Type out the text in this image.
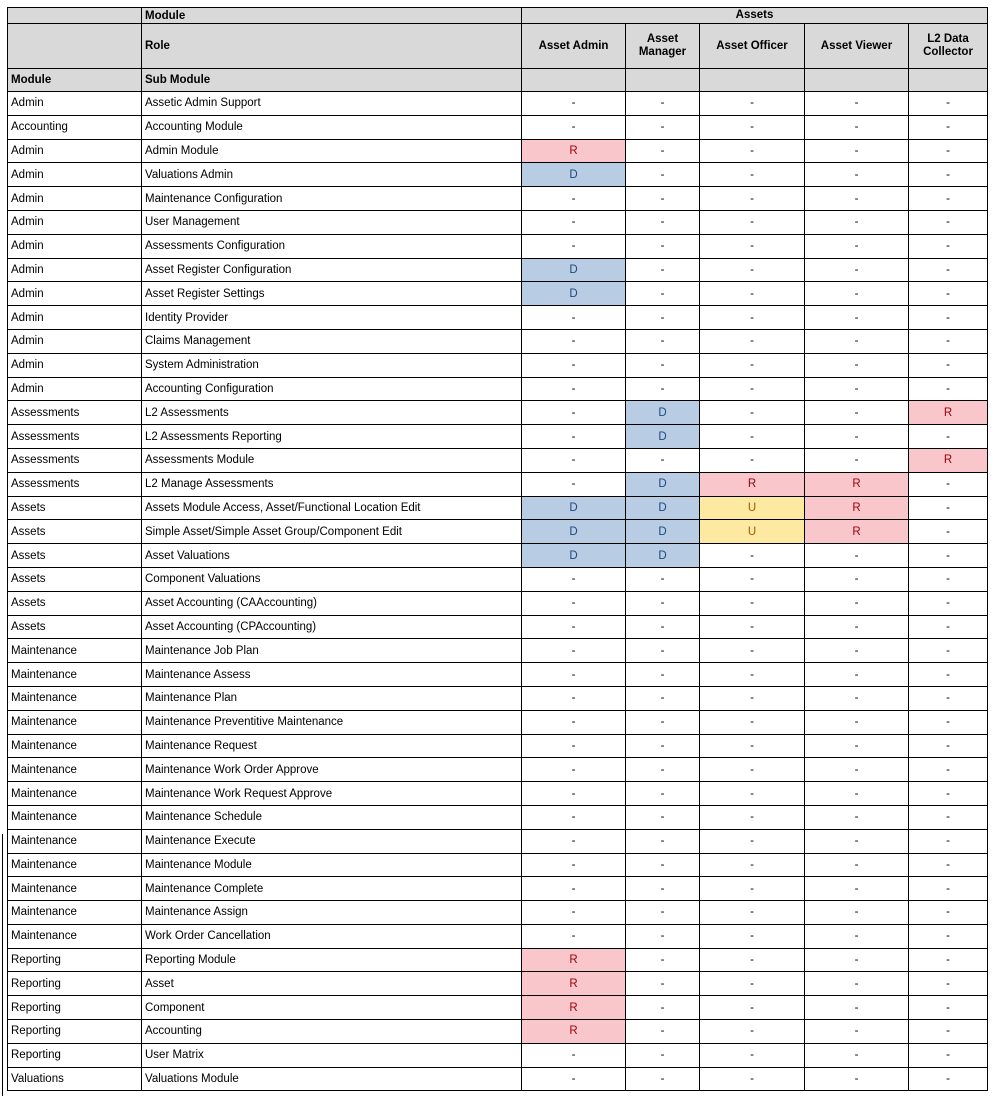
	Module	Assets				
	Role	Asset Admin	Asset Manager	Asset Officer	Asset Viewer	L2 Data Collector
Module	Sub Module					
Admin	Assetic Admin Support	-	-	-	-	-
Accounting	Accounting Module	-	-	-	-	-
Admin	Admin Module	R	-	-	-	-
Admin	Valuations Admin	D	-	-	-	-
Admin	Maintenance Configuration	-	-	-	-	-
Admin	User Management	-	-	-	-	-
Admin	Assessments Configuration	-	-	-	-	-
Admin	Asset Register Configuration	D	-	-	-	-
Admin	Asset Register Settings	D	-	-	-	-
Admin	Identity Provider	-	-	-	-	-
Admin	Claims Management	-	-	-	-	-
Admin	System Administration	-	-	-	-	-
Admin	Accounting Configuration	-	-	-	-	-
Assessments	L2 Assessments	-	D	-	-	R
Assessments	L2 Assessments Reporting	-	D	-	-	-
Assessments	Assessments Module	-	-	-	-	R
Assessments	L2 Manage Assessments	-	D	R	R	-
Assets	Assets Module Access, Asset/Functional Location Edit	D	D	U	R	-
Assets	Simple Asset/Simple Asset Group/Component Edit	D	D	U	R	-
Assets	Asset Valuations	D	D	-	-	-
Assets	Component Valuations	-	-	-	-	-
Assets	Asset Accounting (CAAccounting)	-	-	-	-	-
Assets	Asset Accounting (CPAccounting)	-	-	-	-	-
Maintenance	Maintenance Job Plan	-	-	-	-	-
Maintenance	Maintenance Assess	-	-	-	-	-
Maintenance	Maintenance Plan	-	-	-	-	-
Maintenance	Maintenance Preventitive Maintenance	-	-	-	-	-
Maintenance	Maintenance Request	-	-	-	-	-
Maintenance	Maintenance Work Order Approve	-	-	-	-	-
Maintenance	Maintenance Work Request Approve	-	-	-	-	-
Maintenance	Maintenance Schedule	-	-	-	-	-
Maintenance	Maintenance Execute	-	-	-	-	-
Maintenance	Maintenance Module	-	-	-	-	-
Maintenance	Maintenance Complete	-	-	-	-	-
Maintenance	Maintenance Assign	-	-	-	-	-
Maintenance	Work Order Cancellation	-	-	-	-	-
Reporting	Reporting Module	R	-	-	-	-
Reporting	Asset	R	-	-	-	-
Reporting	Component	R	-	-	-	-
Reporting	Accounting	R	-	-	-	-
Reporting	User Matrix	-	-	-	-	-
Valuations	Valuations Module	-	-	-	-	-
